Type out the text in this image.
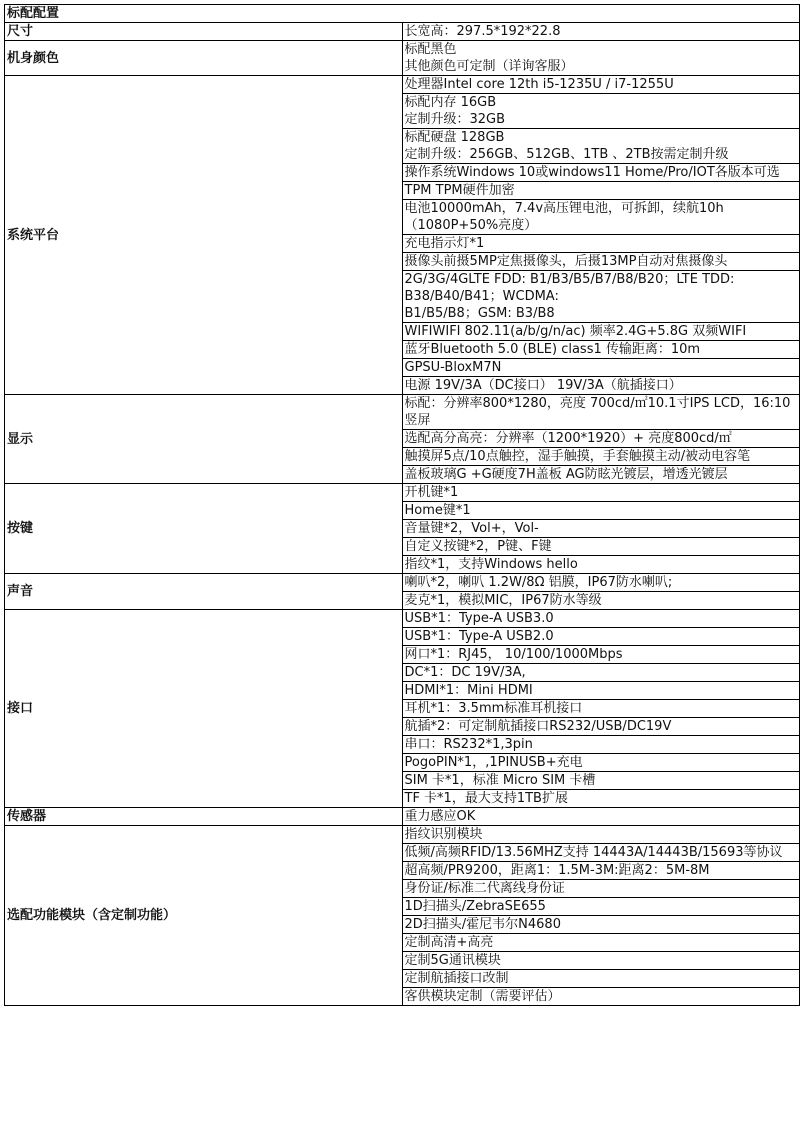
标配配置	
尺寸	长宽高：297.5*192*22.8

机身颜色	标配黑色
其他颜色可定制（详询客服）

系统平台	处理器Intel core 12th i5-1235U / i7-1255U

	标配内存 16GB
定制升级：32GB

	标配硬盘 128GB
定制升级：256GB、512GB、1TB 、2TB按需定制升级

	操作系统Windows 10或windows11 Home/Pro/IOT各版本可选

	TPM TPM硬件加密

	电池10000mAh，7.4v高压锂电池，可拆卸，续航10h（1080P+50%亮度）

	充电指示灯*1

	摄像头前摄5MP定焦摄像头，后摄13MP自动对焦摄像头

	2G/3G/4GLTE FDD: B1/B3/B5/B7/B8/B20；LTE TDD: B38/B40/B41；WCDMA:
B1/B5/B8；GSM: B3/B8

	WIFIWIFI 802.11(a/b/g/n/ac) 频率2.4G+5.8G 双频WIFI

	蓝牙Bluetooth 5.0 (BLE) class1 传输距离：10m

	GPSU-BloxM7N

	电源 19V/3A（DC接口） 19V/3A（航插接口）

显示	标配：分辨率800*1280，亮度 700cd/㎡10.1寸IPS LCD，16:10竖屏

	选配高分高亮：分辨率（1200*1920）+ 亮度800cd/㎡

	触摸屏5点/10点触控，湿手触摸，手套触摸主动/被动电容笔

	盖板玻璃G +G硬度7H盖板 AG防眩光镀层，增透光镀层

按键	开机键*1

	Home键*1

	音量键*2，Vol+，Vol-

	自定义按键*2，P键、F键

	指纹*1，支持Windows hello

声音	喇叭*2，喇叭 1.2W/8Ω 铝膜，IP67防水喇叭;

	麦克*1，模拟MIC，IP67防水等级

接口	USB*1：Type-A USB3.0

	USB*1：Type-A USB2.0

	网口*1：RJ45， 10/100/1000Mbps

	DC*1：DC 19V/3A,

	HDMI*1：Mini HDMI

	耳机*1：3.5mm标准耳机接口

	航插*2：可定制航插接口RS232/USB/DC19V

	串口：RS232*1,3pin

	PogoPIN*1，,1PINUSB+充电

	SIM 卡*1，标准 Micro SIM 卡槽

	TF 卡*1，最大支持1TB扩展

传感器	重力感应OK

选配功能模块（含定制功能）	指纹识别模块

	低频/高频RFID/13.56MHZ支持 14443A/14443B/15693等协议

	超高频/PR9200，距离1：1.5M-3M:距离2：5M-8M

	身份证/标准二代离线身份证

	1D扫描头/ZebraSE655

	2D扫描头/霍尼韦尔N4680

	定制高清+高亮

	定制5G通讯模块

	定制航插接口改制

	客供模块定制（需要评估）
